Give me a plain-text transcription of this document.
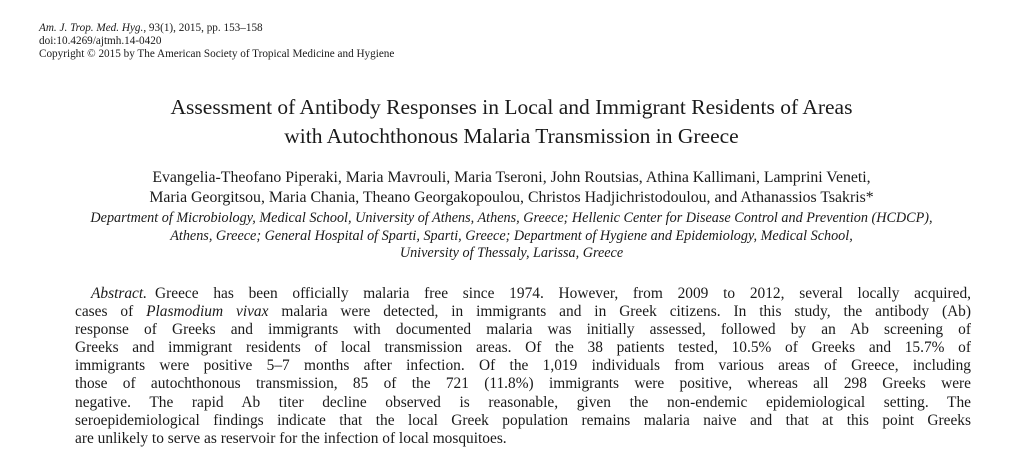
Am. J. Trop. Med. Hyg., 93(1), 2015, pp. 153–158
doi:10.4269/ajtmh.14-0420
Copyright © 2015 by The American Society of Tropical Medicine and Hygiene
Assessment of Antibody Responses in Local and Immigrant Residents of Areas
with Autochthonous Malaria Transmission in Greece
Evangelia-Theofano Piperaki, Maria Mavrouli, Maria Tseroni, John Routsias, Athina Kallimani, Lamprini Veneti,
Maria Georgitsou, Maria Chania, Theano Georgakopoulou, Christos Hadjichristodoulou, and Athanassios Tsakris*
Department of Microbiology, Medical School, University of Athens, Athens, Greece; Hellenic Center for Disease Control and Prevention (HCDCP),
Athens, Greece; General Hospital of Sparti, Sparti, Greece; Department of Hygiene and Epidemiology, Medical School,
University of Thessaly, Larissa, Greece
Abstract. Greece has been officially malaria free since 1974. However, from 2009 to 2012, several locally acquired,
cases of Plasmodium vivax malaria were detected, in immigrants and in Greek citizens. In this study, the antibody (Ab)
response of Greeks and immigrants with documented malaria was initially assessed, followed by an Ab screening of
Greeks and immigrant residents of local transmission areas. Of the 38 patients tested, 10.5% of Greeks and 15.7% of
immigrants were positive 5–7 months after infection. Of the 1,019 individuals from various areas of Greece, including
those of autochthonous transmission, 85 of the 721 (11.8%) immigrants were positive, whereas all 298 Greeks were
negative. The rapid Ab titer decline observed is reasonable, given the non-endemic epidemiological setting. The
seroepidemiological findings indicate that the local Greek population remains malaria naive and that at this point Greeks
are unlikely to serve as reservoir for the infection of local mosquitoes.
